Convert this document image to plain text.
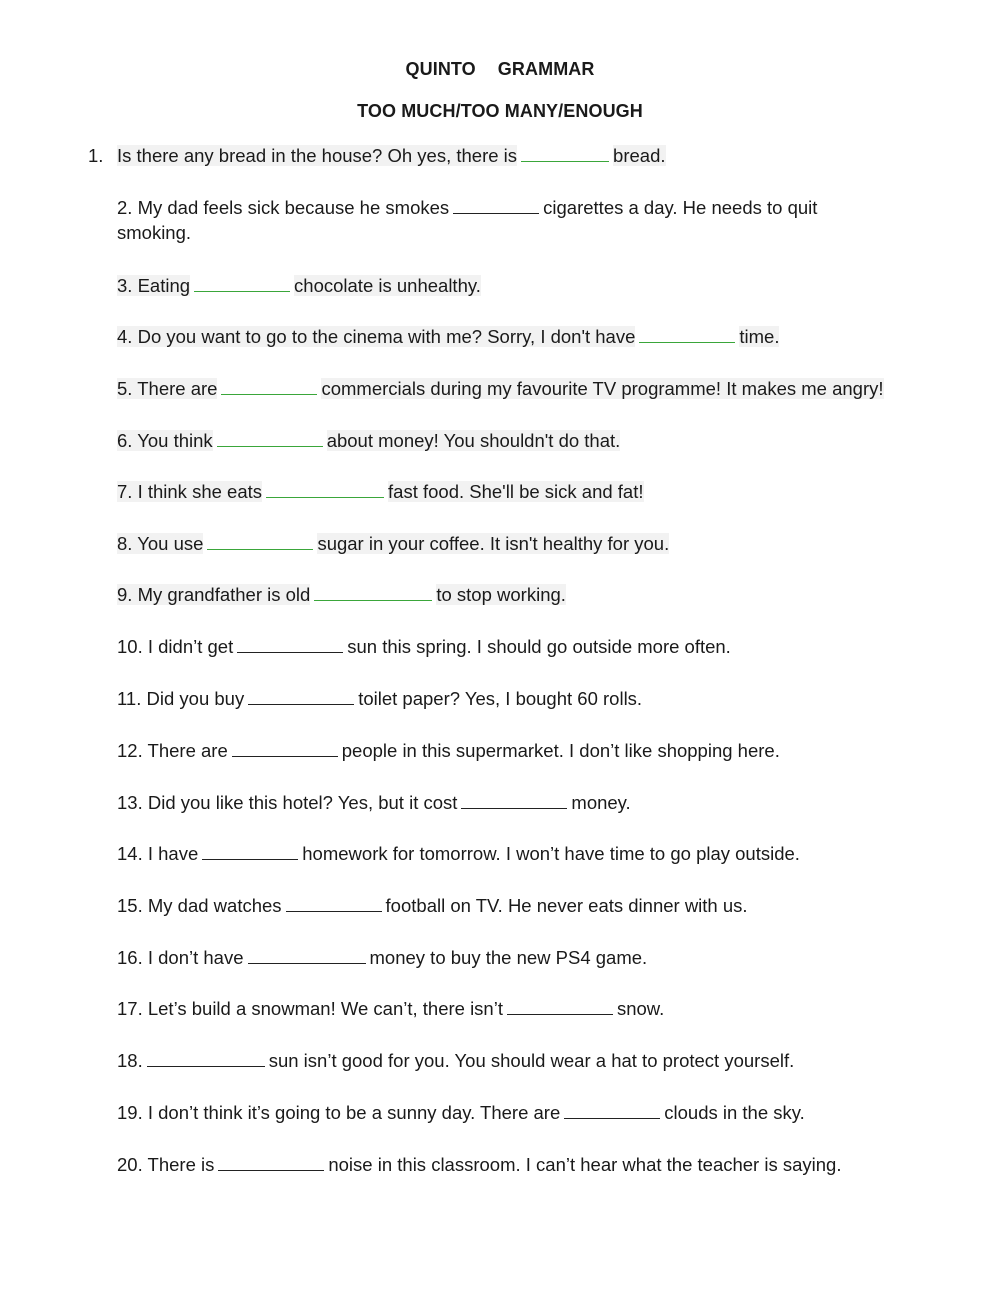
QUINTO GRAMMAR
TOO MUCH/TOO MANY/ENOUGH
1. Is there any bread in the house? Oh yes, there is	bread.
2. My dad feels sick because he smokes	cigarettes a day. He needs to quit smoking.
3. Eating	chocolate is unhealthy.
4. Do you want to go to the cinema with me? Sorry, I don't have	time.
5. There are	commercials during my favourite TV programme! It makes me angry!
6. You think	about money! You shouldn't do that.
7. I think she eats	fast food. She'll be sick and fat!
8. You use	sugar in your coffee. It isn't healthy for you.
9. My grandfather is old	to stop working.
10. I didn’t get	sun this spring. I should go outside more often.
11. Did you buy	toilet paper? Yes, I bought 60 rolls.
12. There are	people in this supermarket. I don’t like shopping here.
13. Did you like this hotel? Yes, but it cost	money.
14. I have	homework for tomorrow. I won’t have time to go play outside.
15. My dad watches	football on TV. He never eats dinner with us.
16. I don’t have	money to buy the new PS4 game.
17. Let’s build a snowman! We can’t, there isn’t	snow.
18.	sun isn’t good for you. You should wear a hat to protect yourself.
19. I don’t think it’s going to be a sunny day. There are	clouds in the sky.
20. There is	noise in this classroom. I can’t hear what the teacher is saying.
